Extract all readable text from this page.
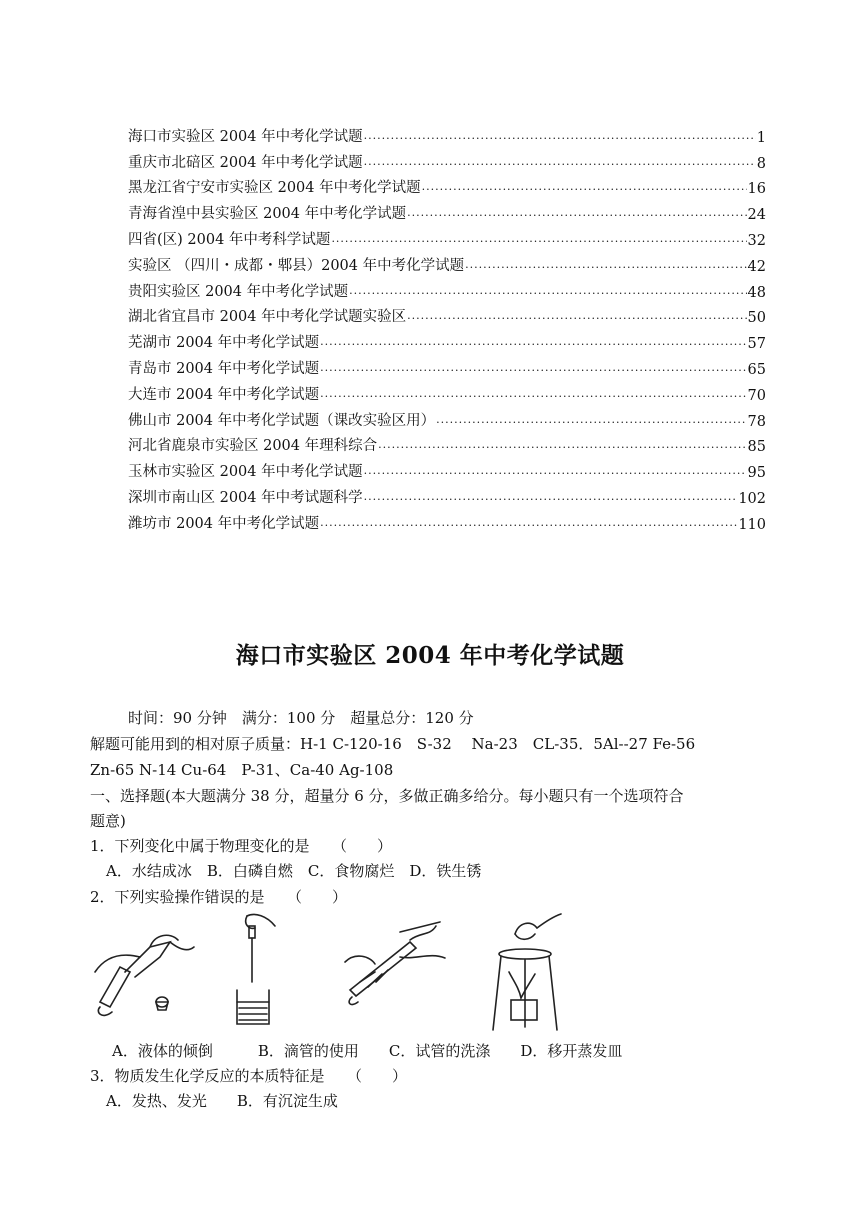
海口市实验区 2004 年中考化学试题 .....	1
重庆市北碚区 2004 年中考化学试题 .....	8
黑龙江省宁安市实验区 2004 年中考化学试题 .....	16
青海省湟中县实验区 2004 年中考化学试题 .....	24
四省(区) 2004 年中考科学试题 .....	32
实验区 （四川・成都・郫县）2004 年中考化学试题 .....	42
贵阳实验区 2004 年中考化学试题 .....	48
湖北省宜昌市 2004 年中考化学试题实验区 .....	50
芜湖市 2004 年中考化学试题 .....	57
青岛市 2004 年中考化学试题 .....	65
大连市 2004 年中考化学试题 .....	70
佛山市 2004 年中考化学试题（课改实验区用） .....	78
河北省鹿泉市实验区 2004 年理科综合 .....	85
玉林市实验区 2004 年中考化学试题 .....	95
深圳市南山区 2004 年中考试题科学 .....	102
潍坊市 2004 年中考化学试题 .....	110
海口市实验区 2004 年中考化学试题
时间：90 分钟　满分：100 分　超量总分：120 分
解题可能用到的相对原子质量：H-1 C-120-16　S-32　 Na-23　CL-35．5Al--27 Fe-56
Zn-65 N-14 Cu-64　P-31、Ca-40 Ag-108
一、选择题(本大题满分 38 分，超量分 6 分，多做正确多给分。每小题只有一个选项符合
题意)
1．下列变化中属于物理变化的是　　（　　）
A．水结成冰　B．白磷自燃　C．食物腐烂　D．铁生锈
2．下列实验操作错误的是　　（　　）
A．液体的倾倒　　　B．滴管的使用　　C．试管的洗涤　　D．移开蒸发皿
3．物质发生化学反应的本质特征是　　（　　）
A．发热、发光　　B．有沉淀生成
